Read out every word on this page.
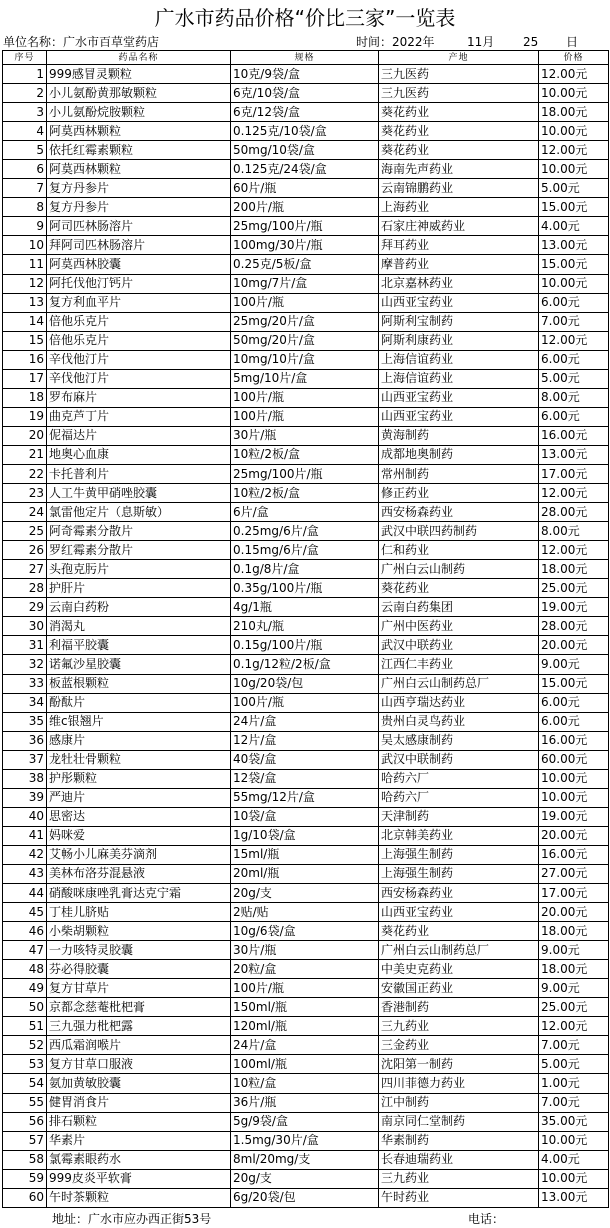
广水市药品价格“价比三家”一览表
单位名称：广水市百草堂药店	时间：2022年	11月 25 日
序号	药品名称	规格	产地	价格
1	999感冒灵颗粒	10克/9袋/盒	三九医药	12.00元
2	小儿氨酚黄那敏颗粒	6克/10袋/盒	三九医药	10.00元
3	小儿氨酚烷胺颗粒	6克/12袋/盒	葵花药业	18.00元
4	阿莫西林颗粒	0.125克/10袋/盒	葵花药业	10.00元
5	依托红霉素颗粒	50mg/10袋/盒	葵花药业	12.00元
6	阿莫西林颗粒	0.125克/24袋/盒	海南先声药业	10.00元
7	复方丹参片	60片/瓶	云南锦鹏药业	5.00元
8	复方丹参片	200片/瓶	上海药业	15.00元
9	阿司匹林肠溶片	25mg/100片/瓶	石家庄神威药业	4.00元
10	拜阿司匹林肠溶片	100mg/30片/瓶	拜耳药业	13.00元
11	阿莫西林胶囊	0.25克/5板/盒	摩普药业	15.00元
12	阿托伐他汀钙片	10mg/7片/盒	北京嘉林药业	10.00元
13	复方利血平片	100片/瓶	山西亚宝药业	6.00元
14	倍他乐克片	25mg/20片/盒	阿斯利宝制药	7.00元
15	倍他乐克片	50mg/20片/盒	阿斯利康药业	12.00元
16	辛伐他汀片	10mg/10片/盒	上海信谊药业	6.00元
17	辛伐他汀片	5mg/10片/盒	上海信谊药业	5.00元
18	罗布麻片	100片/瓶	山西亚宝药业	8.00元
19	曲克芦丁片	100片/瓶	山西亚宝药业	6.00元
20	伲福达片	30片/瓶	黄海制药	16.00元
21	地奥心血康	10粒/2板/盒	成都地奥制药	13.00元
22	卡托普利片	25mg/100片/瓶	常州制药	17.00元
23	人工牛黄甲硝唑胶囊	10粒/2板/盒	修正药业	12.00元
24	氯雷他定片（息斯敏）	6片/盒	西安杨森药业	28.00元
25	阿奇霉素分散片	0.25mg/6片/盒	武汉中联四药制药	8.00元
26	罗红霉素分散片	0.15mg/6片/盒	仁和药业	12.00元
27	头孢克肟片	0.1g/8片/盒	广州白云山制药	18.00元
28	护肝片	0.35g/100片/瓶	葵花药业	25.00元
29	云南白药粉	4g/1瓶	云南白药集团	19.00元
30	消渴丸	210丸/瓶	广州中医药业	28.00元
31	利福平胶囊	0.15g/100片/瓶	武汉中联药业	20.00元
32	诺氟沙星胶囊	0.1g/12粒/2板/盒	江西仁丰药业	9.00元
33	板蓝根颗粒	10g/20袋/包	广州白云山制药总厂	15.00元
34	酚酞片	100片/瓶	山西亨瑞达药业	6.00元
35	维c银翘片	24片/盒	贵州白灵鸟药业	6.00元
36	感康片	12片/盒	吴太感康制药	16.00元
37	龙牡壮骨颗粒	40袋/盒	武汉中联制药	60.00元
38	护彤颗粒	12袋/盒	哈药六厂	10.00元
39	严迪片	55mg/12片/盒	哈药六厂	10.00元
40	思密达	10袋/盒	天津制药	19.00元
41	妈咪爱	1g/10袋/盒	北京韩美药业	20.00元
42	艾畅小儿麻美芬滴剂	15ml/瓶	上海强生制药	16.00元
43	美林布洛芬混悬液	20ml/瓶	上海强生制药	27.00元
44	硝酸咪康唑乳膏达克宁霜	20g/支	西安杨森药业	17.00元
45	丁桂儿脐贴	2贴/贴	山西亚宝药业	20.00元
46	小柴胡颗粒	10g/6袋/盒	葵花药业	18.00元
47	一力咳特灵胶囊	30片/瓶	广州白云山制药总厂	9.00元
48	芬必得胶囊	20粒/盒	中美史克药业	18.00元
49	复方甘草片	100片/瓶	安徽国正药业	9.00元
50	京都念慈菴枇杷膏	150ml/瓶	香港制药	25.00元
51	三九强力枇杷露	120ml/瓶	三九药业	12.00元
52	西瓜霜润喉片	24片/盒	三金药业	7.00元
53	复方甘草口服液	100ml/瓶	沈阳第一制药	5.00元
54	氨加黄敏胶囊	10粒/盒	四川菲德力药业	1.00元
55	健胃消食片	36片/瓶	江中制药	7.00元
56	排石颗粒	5g/9袋/盒	南京同仁堂制药	35.00元
57	华素片	1.5mg/30片/盒	华素制药	10.00元
58	氯霉素眼药水	8ml/20mg/支	长春迪瑞药业	4.00元
59	999皮炎平软膏	20g/支	三九药业	10.00元
60	午时茶颗粒	6g/20袋/包	午时药业	13.00元
地址：广水市应办西正街53号	电话：
